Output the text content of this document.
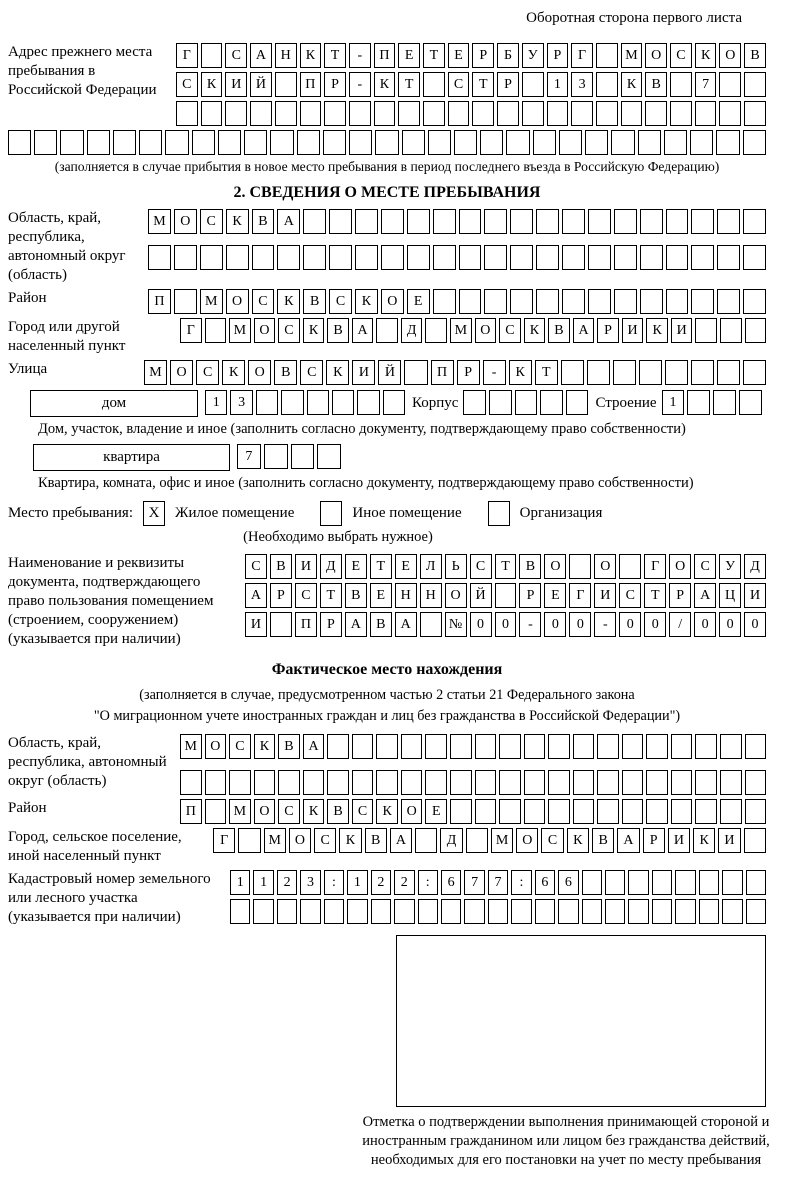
Оборотная сторона первого листа
Адрес прежнего места пребывания в Российской Федерации
Г	С	А	Н	К	Т	-	П	Е	Т	Е	Р	Б	У	Р	Г	М О	С	К	О	В
С	К	И	Й	П	Р	-	К	Т	С	Т	Р	1	3	К	В	7
(заполняется в случае прибытия в новое место пребывания в период последнего въезда в Российскую Федерацию)
2. СВЕДЕНИЯ О МЕСТЕ ПРЕБЫВАНИЯ
Область, край, республика, автономный округ (область)
М	О	С	К	В	А
Район	П	М	О	С	К	В	С	К	О	Е
Город или другой населенный пункт
Г	М О	С	К	В	А	Д	М О	С	К	В	А	Р	И	К	И
Улица	М	О	С	К	О	В	С	К	И	Й	П	Р	-	К	Т
дом	1	3	Корпус	Строение 1
Дом, участок, владение и иное (заполнить согласно документу, подтверждающему право собственности)
квартира	7
Квартира, комната, офис и иное (заполнить согласно документу, подтверждающему право собственности)
Место пребывания:	X	Жилое помещение	Иное помещение	Организация
(Необходимо выбрать нужное)
Наименование и реквизиты документа, подтверждающего право пользования помещением (строением, сооружением) (указывается при наличии)
С	В	И	Д	Е	Т	Е	Л	Ь	С	Т	В	О	О	Г	О	С	У	Д
А	Р	С	Т	В	Е	Н	Н	О	Й	Р	Е	Г	И	С	Т	Р	А	Ц	И
И	П	Р	А	В	А	№	0	0	-	0	0	-	0	0	/	0	0	0
Фактическое место нахождения
(заполняется в случае, предусмотренном частью 2 статьи 21 Федерального закона
"О миграционном учете иностранных граждан и лиц без гражданства в Российской Федерации")
Область, край, республика, автономный округ (область)
М О	С	К	В	А
Район	П	М О	С	К	В	С	К	О	Е
Город, сельское поселение, иной населенный пункт
Г	М О	С	К	В	А	Д	М О	С	К	В	А	Р	И	К	И
Кадастровый номер земельного или лесного участка (указывается при наличии)
1	1	2	3	:	1	2	2	:	6	7	7	:	6	6
Отметка о подтверждении выполнения принимающей стороной и иностранным гражданином или лицом без гражданства действий, необходимых для его постановки на учет по месту пребывания
